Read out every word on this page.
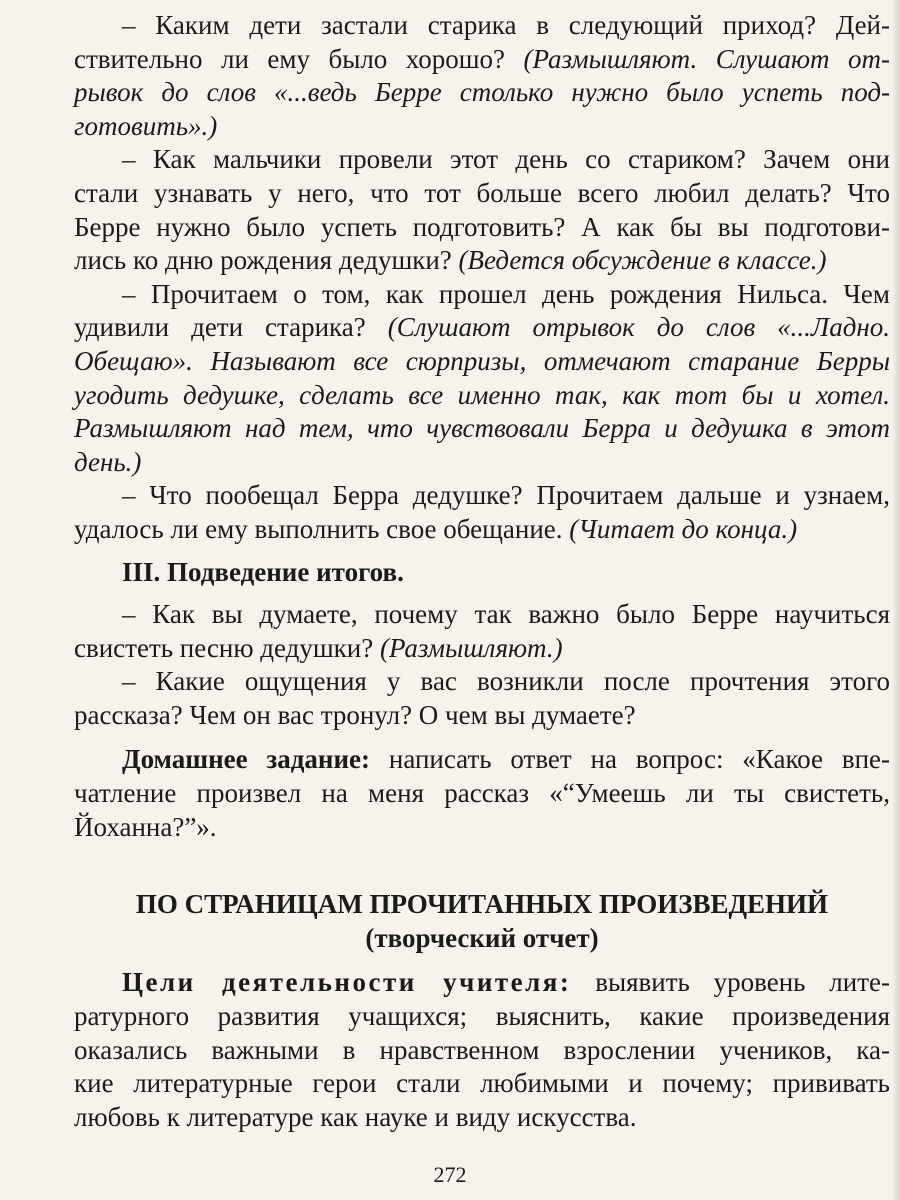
– Каким дети застали старика в следующий приход? Дей-
ствительно ли ему было хорошо? (Размышляют. Слушают от-
рывок до слов «...ведь Берре столько нужно было успеть под-
готовить».)
– Как мальчики провели этот день со стариком? Зачем они
стали узнавать у него, что тот больше всего любил делать? Что
Берре нужно было успеть подготовить? А как бы вы подготови-
лись ко дню рождения дедушки? (Ведется обсуждение в классе.)
– Прочитаем о том, как прошел день рождения Нильса. Чем
удивили дети старика? (Слушают отрывок до слов «...Ладно.
Обещаю». Называют все сюрпризы, отмечают старание Берры
угодить дедушке, сделать все именно так, как тот бы и хотел.
Размышляют над тем, что чувствовали Берра и дедушка в этот
день.)
– Что пообещал Берра дедушке? Прочитаем дальше и узнаем,
удалось ли ему выполнить свое обещание. (Читает до конца.)
III. Подведение итогов.
– Как вы думаете, почему так важно было Берре научиться
свистеть песню дедушки? (Размышляют.)
– Какие ощущения у вас возникли после прочтения этого
рассказа? Чем он вас тронул? О чем вы думаете?
Домашнее задание: написать ответ на вопрос: «Какое впе-
чатление произвел на меня рассказ «“Умеешь ли ты свистеть,
Йоханна?”».
ПО СТРАНИЦАМ ПРОЧИТАННЫХ ПРОИЗВЕДЕНИЙ
(творческий отчет)
Цели деятельности учителя: выявить уровень лите-
ратурного развития учащихся; выяснить, какие произведения
оказались важными в нравственном взрослении учеников, ка-
кие литературные герои стали любимыми и почему; прививать
любовь к литературе как науке и виду искусства.
272
